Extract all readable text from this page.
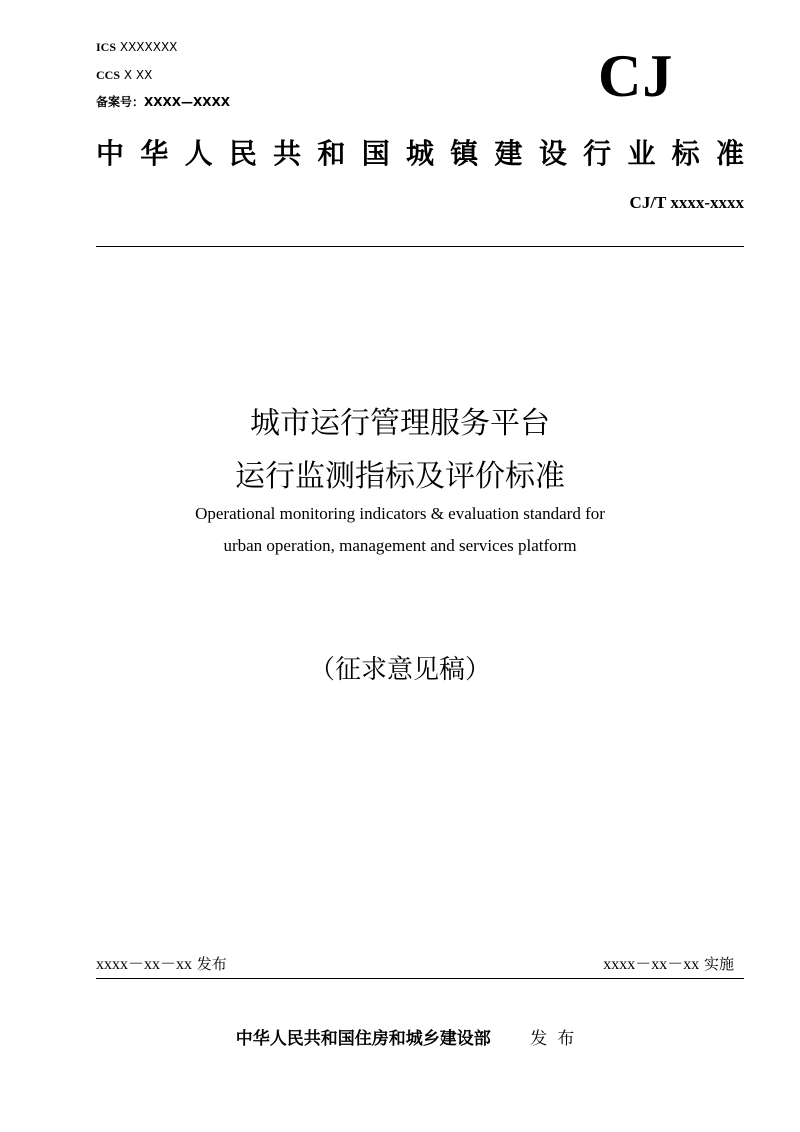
ICS XXXXXXX
CCS X XX
备案号：XXXX—XXXX	CJ
中 华 人 民 共 和 国 城 镇 建 设 行 业 标 准
CJ/T xxxx-xxxx
城市运行管理服务平台
运行监测指标及评价标准
Operational monitoring indicators & evaluation standard for
urban operation, management and services platform
（征求意见稿）
xxxx－xx－xx 发布	xxxx－xx－xx 实施
中华人民共和国住房和城乡建设部 发布
